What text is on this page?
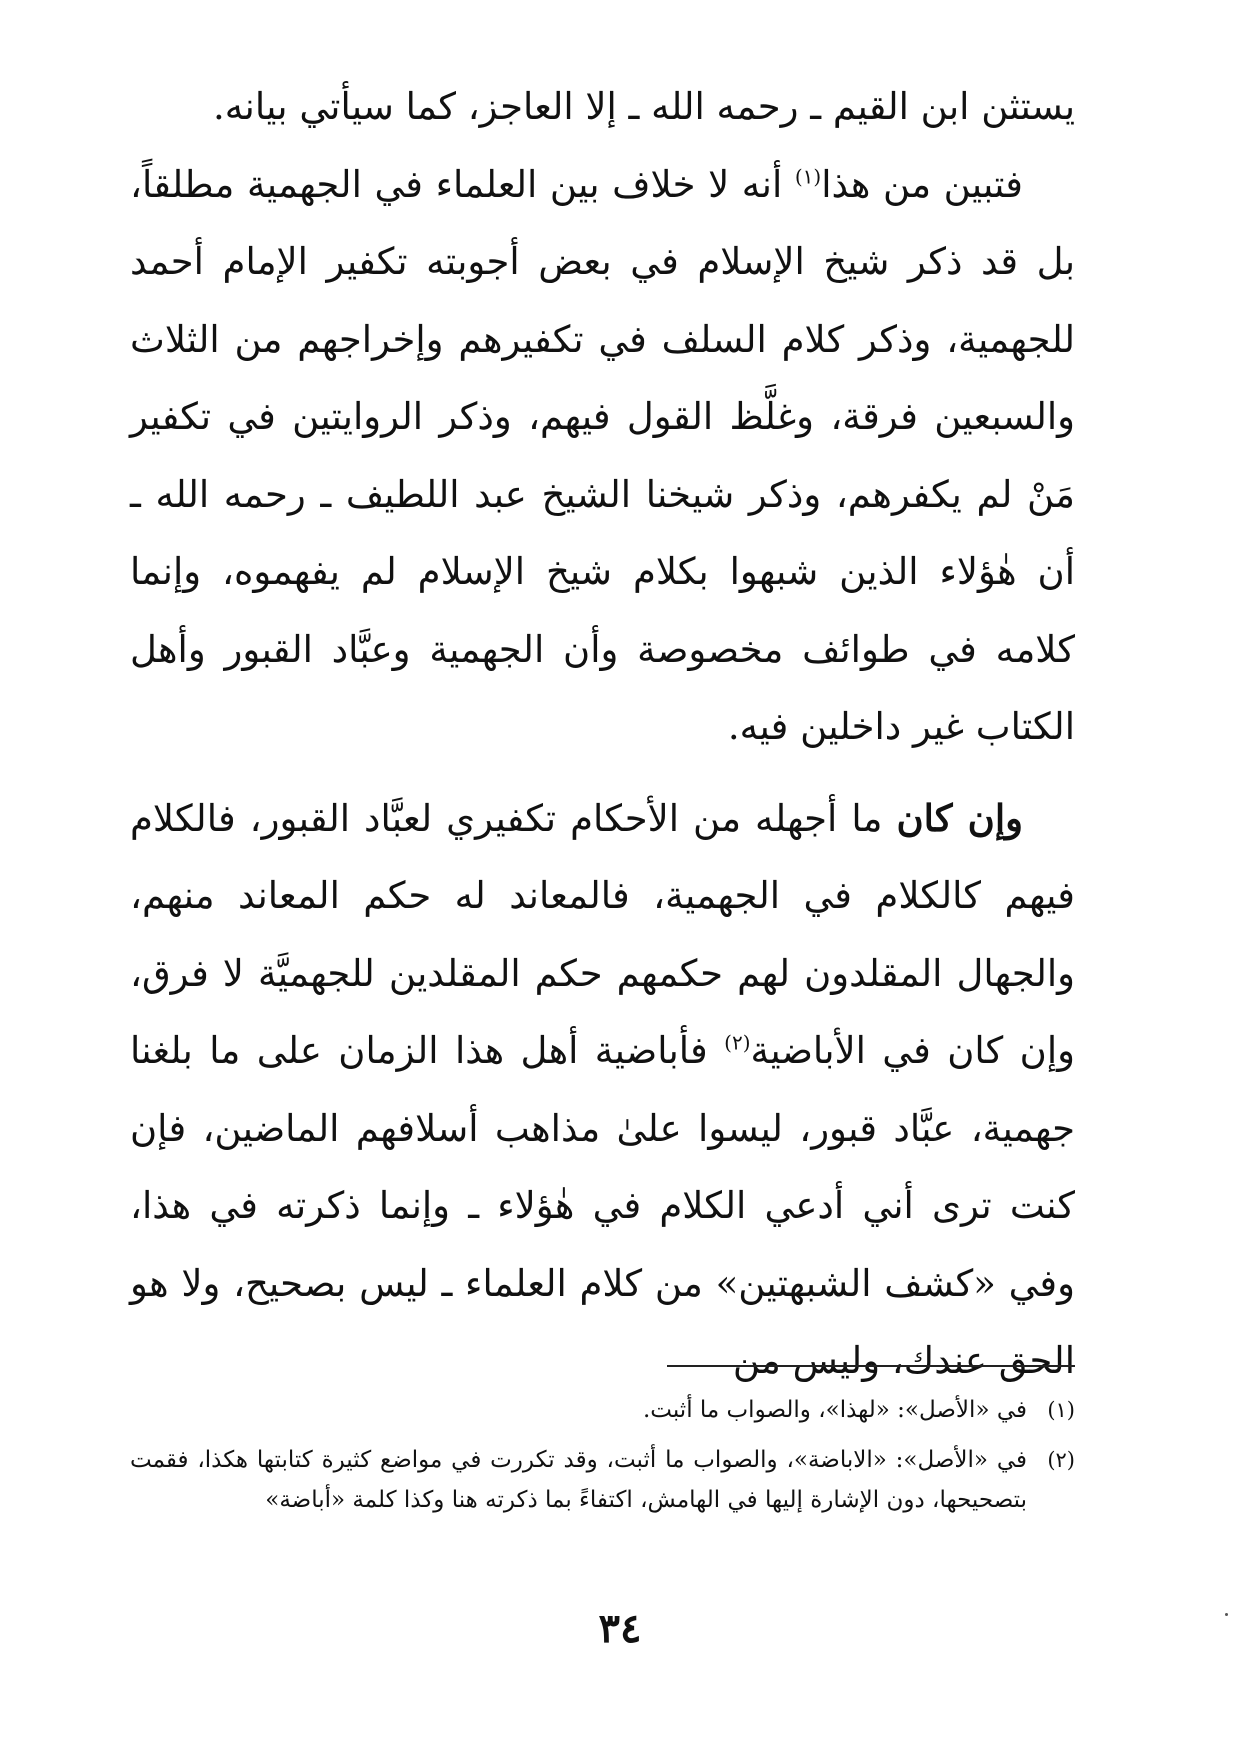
يستثن ابن القيم ـ رحمه الله ـ إلا العاجز، كما سيأتي بيانه.

فتبين من هذا$^{(١)}$ أنه لا خلاف بين العلماء في الجهمية مطلقاً، بل قد ذكر شيخ الإسلام في بعض أجوبته تكفير الإمام أحمد للجهمية، وذكر كلام السلف في تكفيرهم وإخراجهم من الثلاث والسبعين فرقة، وغلَّظ القول فيهم، وذكر الروايتين في تكفير مَنْ لم يكفرهم، وذكر شيخنا الشيخ عبد اللطيف ـ رحمه الله ـ أن هٰؤلاء الذين شبهوا بكلام شيخ الإسلام لم يفهموه، وإنما كلامه في طوائف مخصوصة وأن الجهمية وعبَّاد القبور وأهل الكتاب غير داخلين فيه.

وإن كان ما أجهله من الأحكام تكفيري لعبَّاد القبور، فالكلام فيهم كالكلام في الجهمية، فالمعاند له حكم المعاند منهم، والجهال المقلدون لهم حكمهم حكم المقلدين للجهميَّة لا فرق، وإن كان في الأباضية$^{(٢)}$ فأباضية أهل هذا الزمان على ما بلغنا جهمية، عبَّاد قبور، ليسوا علىٰ مذاهب أسلافهم الماضين، فإن كنت ترى أني أدعي الكلام في هٰؤلاء ـ وإنما ذكرته في هذا، وفي «كشف الشبهتين» من كلام العلماء ـ ليس بصحيح، ولا هو الحق عندك، وليس من

(١)

في «الأصل»: «لهذا»، والصواب ما أثبت.

(٢)

في «الأصل»: «الاباضة»، والصواب ما أثبت، وقد تكررت في مواضع كثيرة كتابتها هكذا، فقمت بتصحيحها، دون الإشارة إليها في الهامش، اكتفاءً بما ذكرته هنا وكذا كلمة «أباضة»

٣٤
